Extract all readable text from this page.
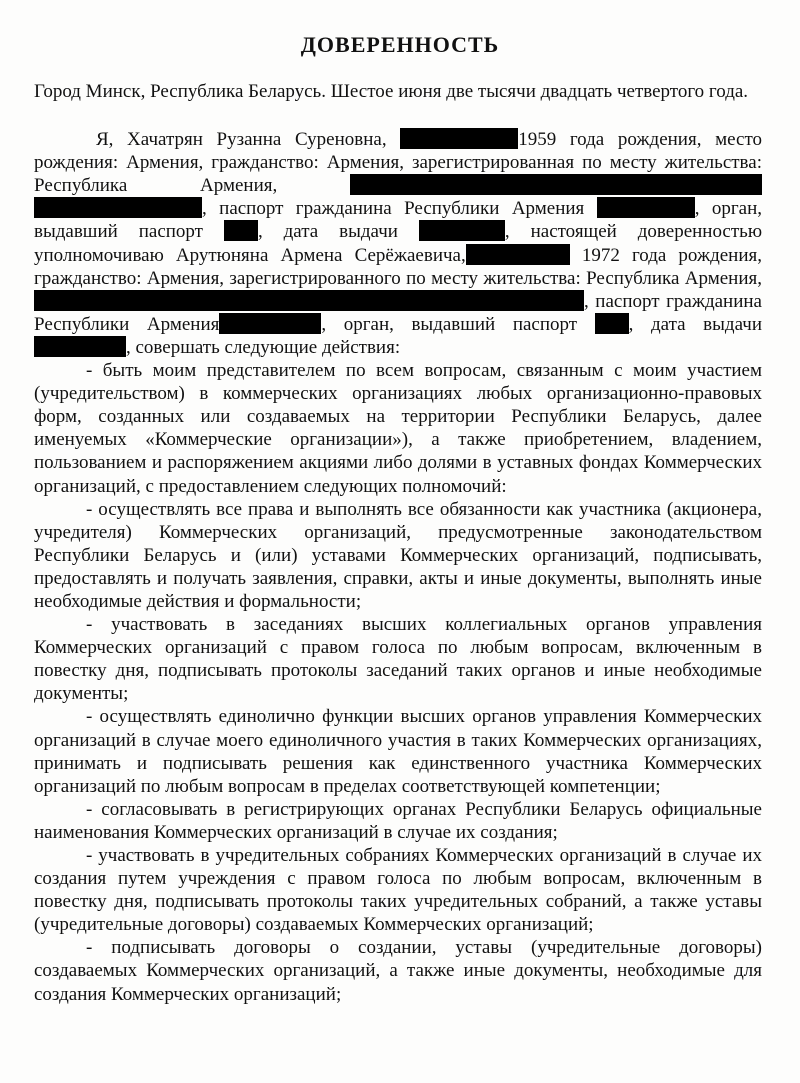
ДОВЕРЕННОСТЬ

Город Минск, Республика Беларусь. Шестое июня две тысячи двадцать четвертого года.

Я, Хачатрян Рузанна Суреновна,	1959 года рождения, место рождения: Армения, гражданство: Армения, зарегистрированная по месту жительства: Республика Армения,  , паспорт гражданина Республики Армения	, орган, выдавший паспорт	, дата выдачи	, настоящей доверенностью уполномочиваю Арутюняна Армена Серёжаевича,	1972 года рождения, гражданство: Армения, зарегистрированного по месту жительства: Республика Армения, , паспорт гражданина Республики Армения	, орган, выдавший паспорт	, дата выдачи , совершать следующие действия:

- быть моим представителем по всем вопросам, связанным с моим участием (учредительством) в коммерческих организациях любых организационно-правовых форм, созданных или создаваемых на территории Республики Беларусь, далее именуемых «Коммерческие организации»), а также приобретением, владением, пользованием и распоряжением акциями либо долями в уставных фондах Коммерческих организаций, с предоставлением следующих полномочий:

- осуществлять все права и выполнять все обязанности как участника (акционера, учредителя) Коммерческих организаций, предусмотренные законодательством Республики Беларусь и (или) уставами Коммерческих организаций, подписывать, предоставлять и получать заявления, справки, акты и иные документы, выполнять иные необходимые действия и формальности;

- участвовать в заседаниях высших коллегиальных органов управления Коммерческих организаций с правом голоса по любым вопросам, включенным в повестку дня, подписывать протоколы заседаний таких органов и иные необходимые документы;

- осуществлять единолично функции высших органов управления Коммерческих организаций в случае моего единоличного участия в таких Коммерческих организациях, принимать и подписывать решения как единственного участника Коммерческих организаций по любым вопросам в пределах соответствующей компетенции;

- согласовывать в регистрирующих органах Республики Беларусь официальные наименования Коммерческих организаций в случае их создания;

- участвовать в учредительных собраниях Коммерческих организаций в случае их создания путем учреждения с правом голоса по любым вопросам, включенным в повестку дня, подписывать протоколы таких учредительных собраний, а также уставы (учредительные договоры) создаваемых Коммерческих организаций;

- подписывать договоры о создании, уставы (учредительные договоры) создаваемых Коммерческих организаций, а также иные документы, необходимые для создания Коммерческих организаций;
